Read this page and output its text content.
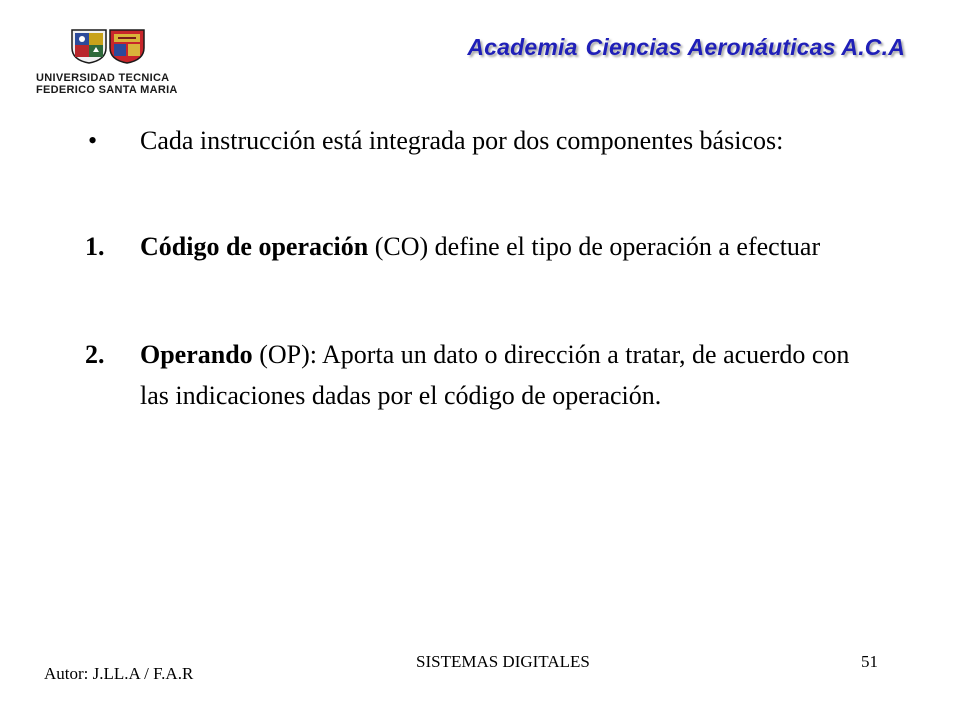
UNIVERSIDAD TECNICA
FEDERICO SANTA MARIA
Academia Ciencias Aeronáuticas A.C.A
•	Cada instrucción está integrada por dos componentes básicos:
1.	Código de operación (CO) define el tipo de operación a efectuar
2.	Operando (OP): Aporta un dato o dirección a tratar, de acuerdo con las indicaciones dadas por el código de operación.
Autor: J.LL.A / F.A.R
SISTEMAS DIGITALES	51
